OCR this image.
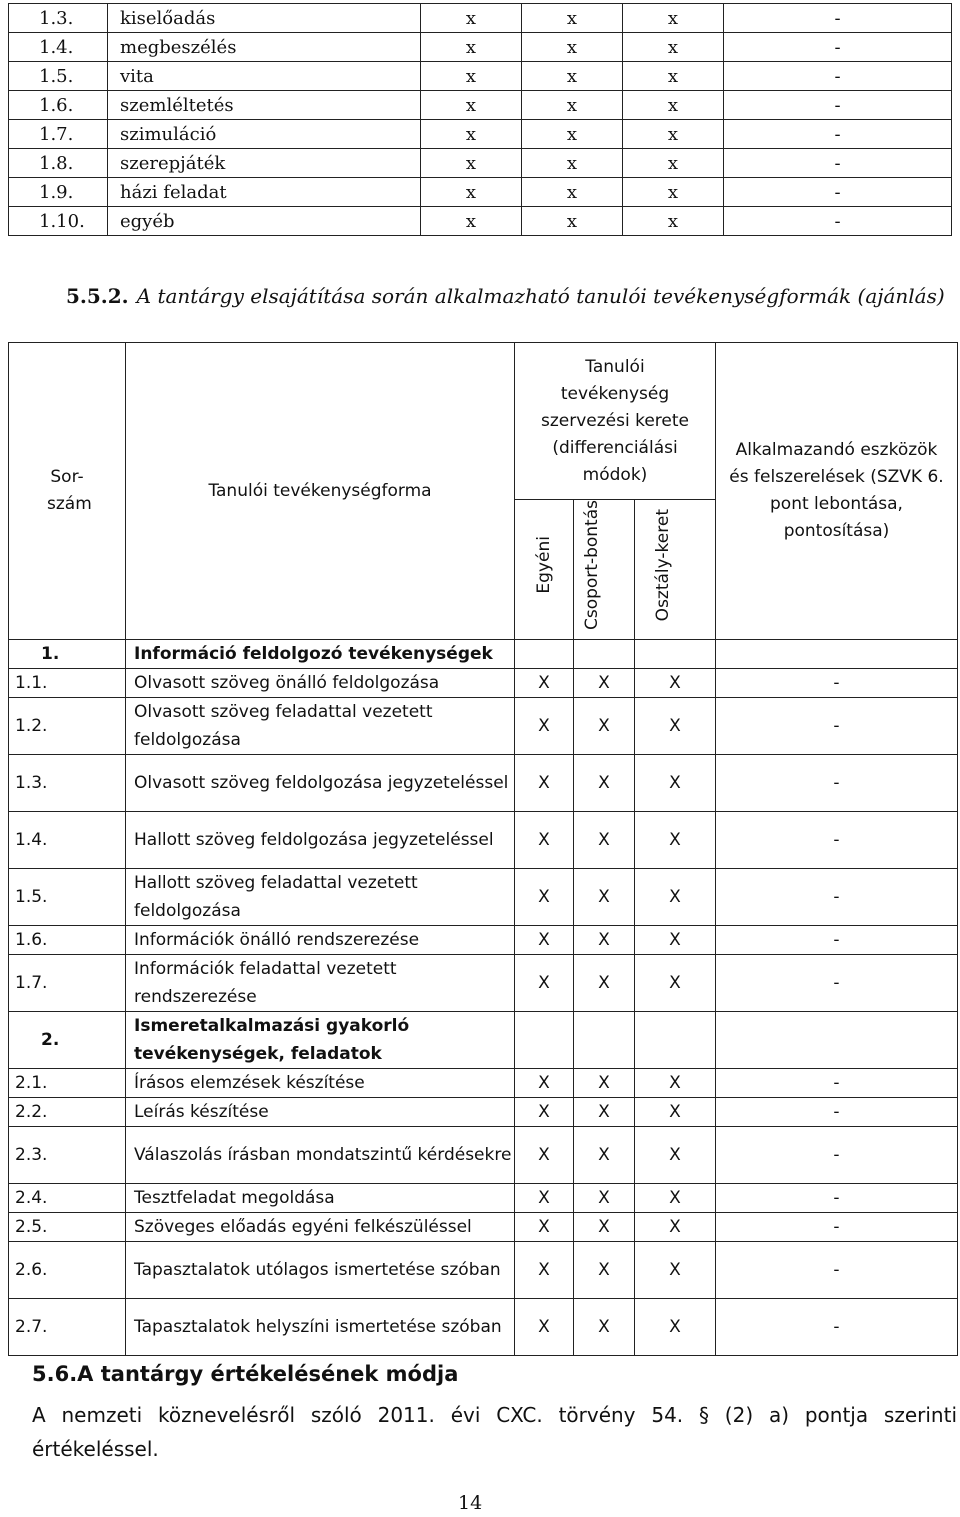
1.3.	kiselőadás	x	x	x	-
1.4.	megbeszélés	x	x	x	-
1.5.	vita	x	x	x	-
1.6.	szemléltetés	x	x	x	-
1.7.	szimuláció	x	x	x	-
1.8.	szerepjáték	x	x	x	-
1.9.	házi feladat	x	x	x	-
1.10.	egyéb	x	x	x	-
5.5.2. A tantárgy elsajátítása során alkalmazható tanulói tevékenységformák (ajánlás)
Sor-szám	Tanulói tevékenységforma	Tanulói tevékenység szervezési kerete (differenciálási módok)			Alkalmazandó eszközök és felszerelések (SZVK 6. pont lebontása, pontosítása)
		Egyéni	Csoport-bontás	Osztály-keret	
1.	Információ feldolgozó tevékenységek				
1.1.	Olvasott szöveg önálló feldolgozása	X	X	X	-
1.2.	Olvasott szöveg feladattal vezetett feldolgozása	X	X	X	-
1.3.	Olvasott szöveg feldolgozása jegyzeteléssel	X	X	X	-
1.4.	Hallott szöveg feldolgozása jegyzeteléssel	X	X	X	-
1.5.	Hallott szöveg feladattal vezetett feldolgozása	X	X	X	-
1.6.	Információk önálló rendszerezése	X	X	X	-
1.7.	Információk feladattal vezetett rendszerezése	X	X	X	-
2.	Ismeretalkalmazási gyakorló tevékenységek, feladatok				
2.1.	Írásos elemzések készítése	X	X	X	-
2.2.	Leírás készítése	X	X	X	-
2.3.	Válaszolás írásban mondatszintű kérdésekre	X	X	X	-
2.4.	Tesztfeladat megoldása	X	X	X	-
2.5.	Szöveges előadás egyéni felkészüléssel	X	X	X	-
2.6.	Tapasztalatok utólagos ismertetése szóban	X	X	X	-
2.7.	Tapasztalatok helyszíni ismertetése szóban	X	X	X	-
5.6.A tantárgy értékelésének módja
A nemzeti köznevelésről szóló 2011. évi CXC. törvény 54. § (2) a) pontja szerinti értékeléssel.
14
